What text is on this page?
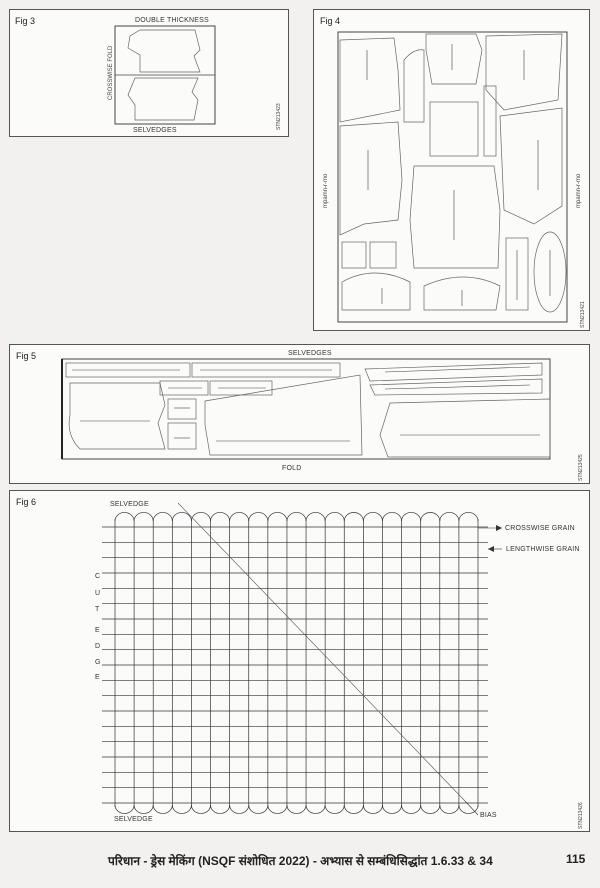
Fig 3	DOUBLE THICKNESS
CROSSWISE FOLD
SELVEDGES
STN213423
Fig 4
mpamn-r-mo	mpamn-r-mo
STN213421
Fig 5	SELVEDGES
FOLD	STN213425
Fig 6	SELVEDGE
SELVEDGE
CROSSWISE GRAIN
LENGTHWISE GRAIN
BIAS	STN213426
C
U
T
E
D
G
E
परिधान - ड्रेस मेकिंग (NSQF संशोधित 2022) - अभ्यास से सम्बंधिसिद्धांत 1.6.33 & 34	115
